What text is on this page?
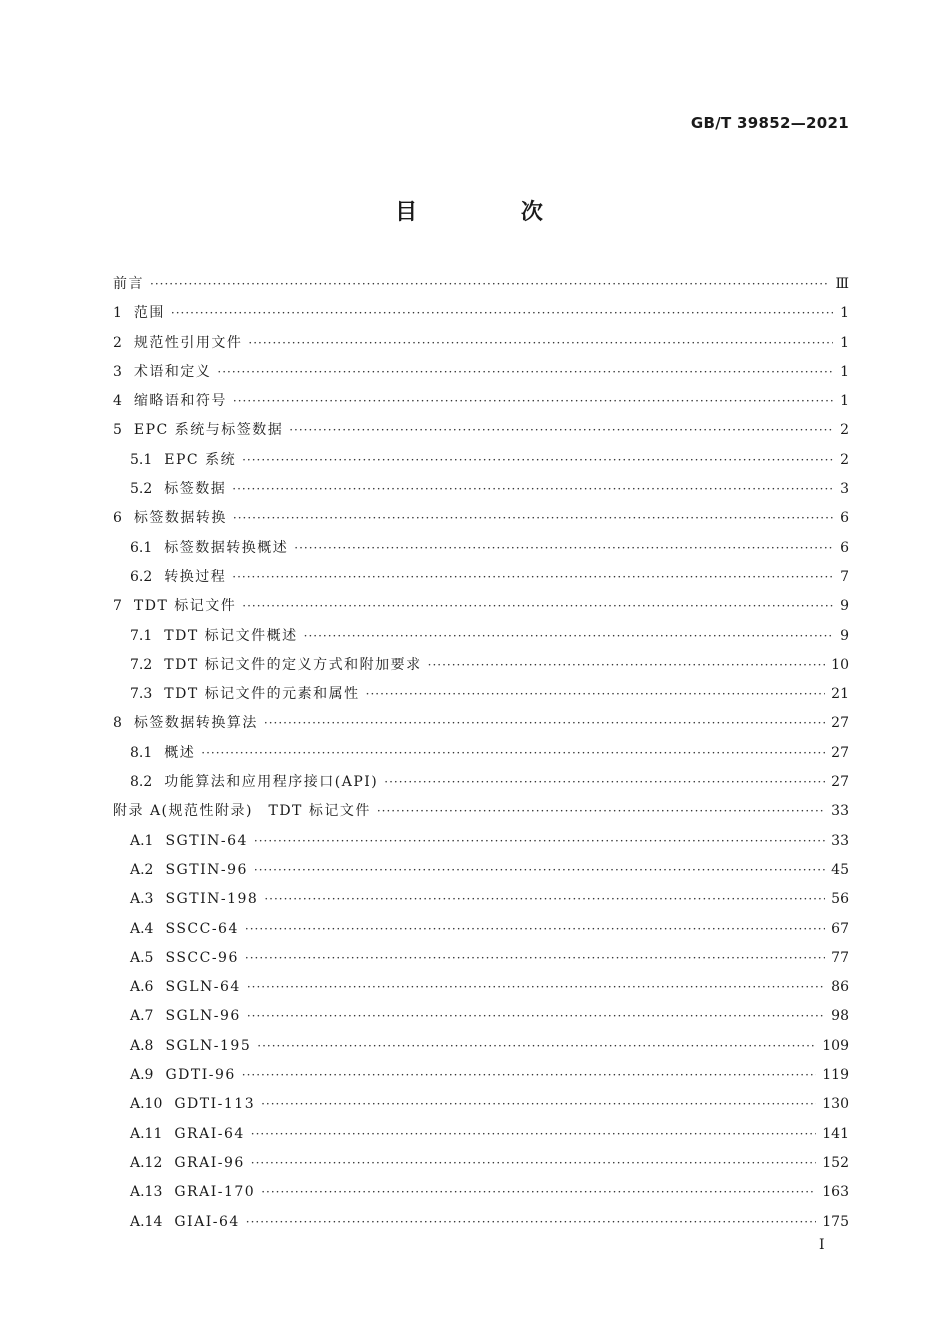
GB/T 39852—2021
目 次
前言 ·····	Ⅲ
1 范围 ·····	1
2 规范性引用文件 ·····	1
3 术语和定义 ·····	1
4 缩略语和符号 ·····	1
5 EPC 系统与标签数据 ·····	2
5.1 EPC 系统 ·····	2
5.2 标签数据 ·····	3
6 标签数据转换 ·····	6
6.1 标签数据转换概述 ·····	6
6.2 转换过程 ·····	7
7 TDT 标记文件 ·····	9
7.1 TDT 标记文件概述 ·····	9
7.2 TDT 标记文件的定义方式和附加要求 ·····	10
7.3 TDT 标记文件的元素和属性 ·····	21
8 标签数据转换算法 ·····	27
8.1 概述 ·····	27
8.2 功能算法和应用程序接口(API) ·····	27
附录 A(规范性附录)　TDT 标记文件 ·····	33
A.1 SGTIN-64 ·····	33
A.2 SGTIN-96 ·····	45
A.3 SGTIN-198 ·····	56
A.4 SSCC-64 ·····	67
A.5 SSCC-96 ·····	77
A.6 SGLN-64 ·····	86
A.7 SGLN-96 ·····	98
A.8 SGLN-195 ·····	109
A.9 GDTI-96 ·····	119
A.10 GDTI-113 ·····	130
A.11 GRAI-64 ·····	141
A.12 GRAI-96 ·····	152
A.13 GRAI-170 ·····	163
A.14 GIAI-64 ·····	175
I
